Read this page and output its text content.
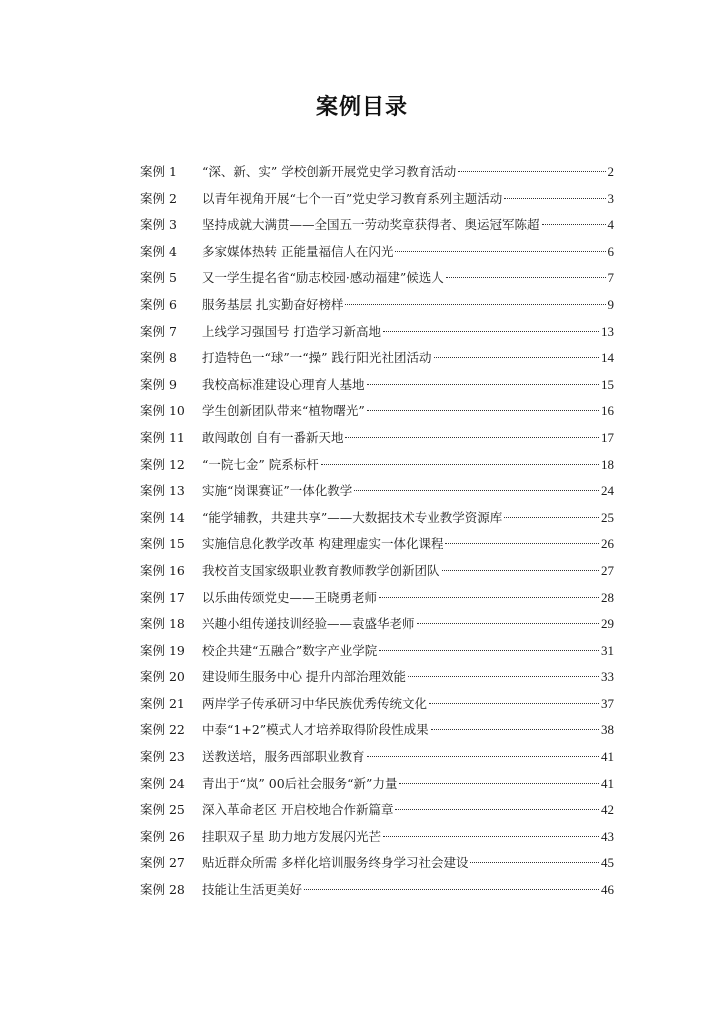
案例目录
案例 1	“深、新、实” 学校创新开展党史学习教育活动	2
案例 2	以青年视角开展“七个一百”党史学习教育系列主题活动	3
案例 3	坚持成就大满贯——全国五一劳动奖章获得者、奥运冠军陈超	4
案例 4	多家媒体热转 正能量福信人在闪光	6
案例 5	又一学生提名省“励志校园·感动福建”候选人	7
案例 6	服务基层 扎实勤奋好榜样	9
案例 7	上线学习强国号 打造学习新高地	13
案例 8	打造特色一“球”一“操” 践行阳光社团活动	14
案例 9	我校高标准建设心理育人基地	15
案例 10	学生创新团队带来“植物曙光”	16
案例 11	敢闯敢创 自有一番新天地	17
案例 12	“一院七金” 院系标杆	18
案例 13	实施“岗课赛证”一体化教学	24
案例 14	“能学辅教，共建共享”——大数据技术专业教学资源库	25
案例 15	实施信息化教学改革 构建理虚实一体化课程	26
案例 16	我校首支国家级职业教育教师教学创新团队	27
案例 17	以乐曲传颂党史——王晓勇老师	28
案例 18	兴趣小组传递技训经验——袁盛华老师	29
案例 19	校企共建“五融合”数字产业学院	31
案例 20	建设师生服务中心 提升内部治理效能	33
案例 21	两岸学子传承研习中华民族优秀传统文化	37
案例 22	中泰“1+2”模式人才培养取得阶段性成果	38
案例 23	送教送培，服务西部职业教育	41
案例 24	青出于“岚” 00后社会服务“新”力量	41
案例 25	深入革命老区 开启校地合作新篇章	42
案例 26	挂职双子星 助力地方发展闪光芒	43
案例 27	贴近群众所需 多样化培训服务终身学习社会建设	45
案例 28	技能让生活更美好	46
